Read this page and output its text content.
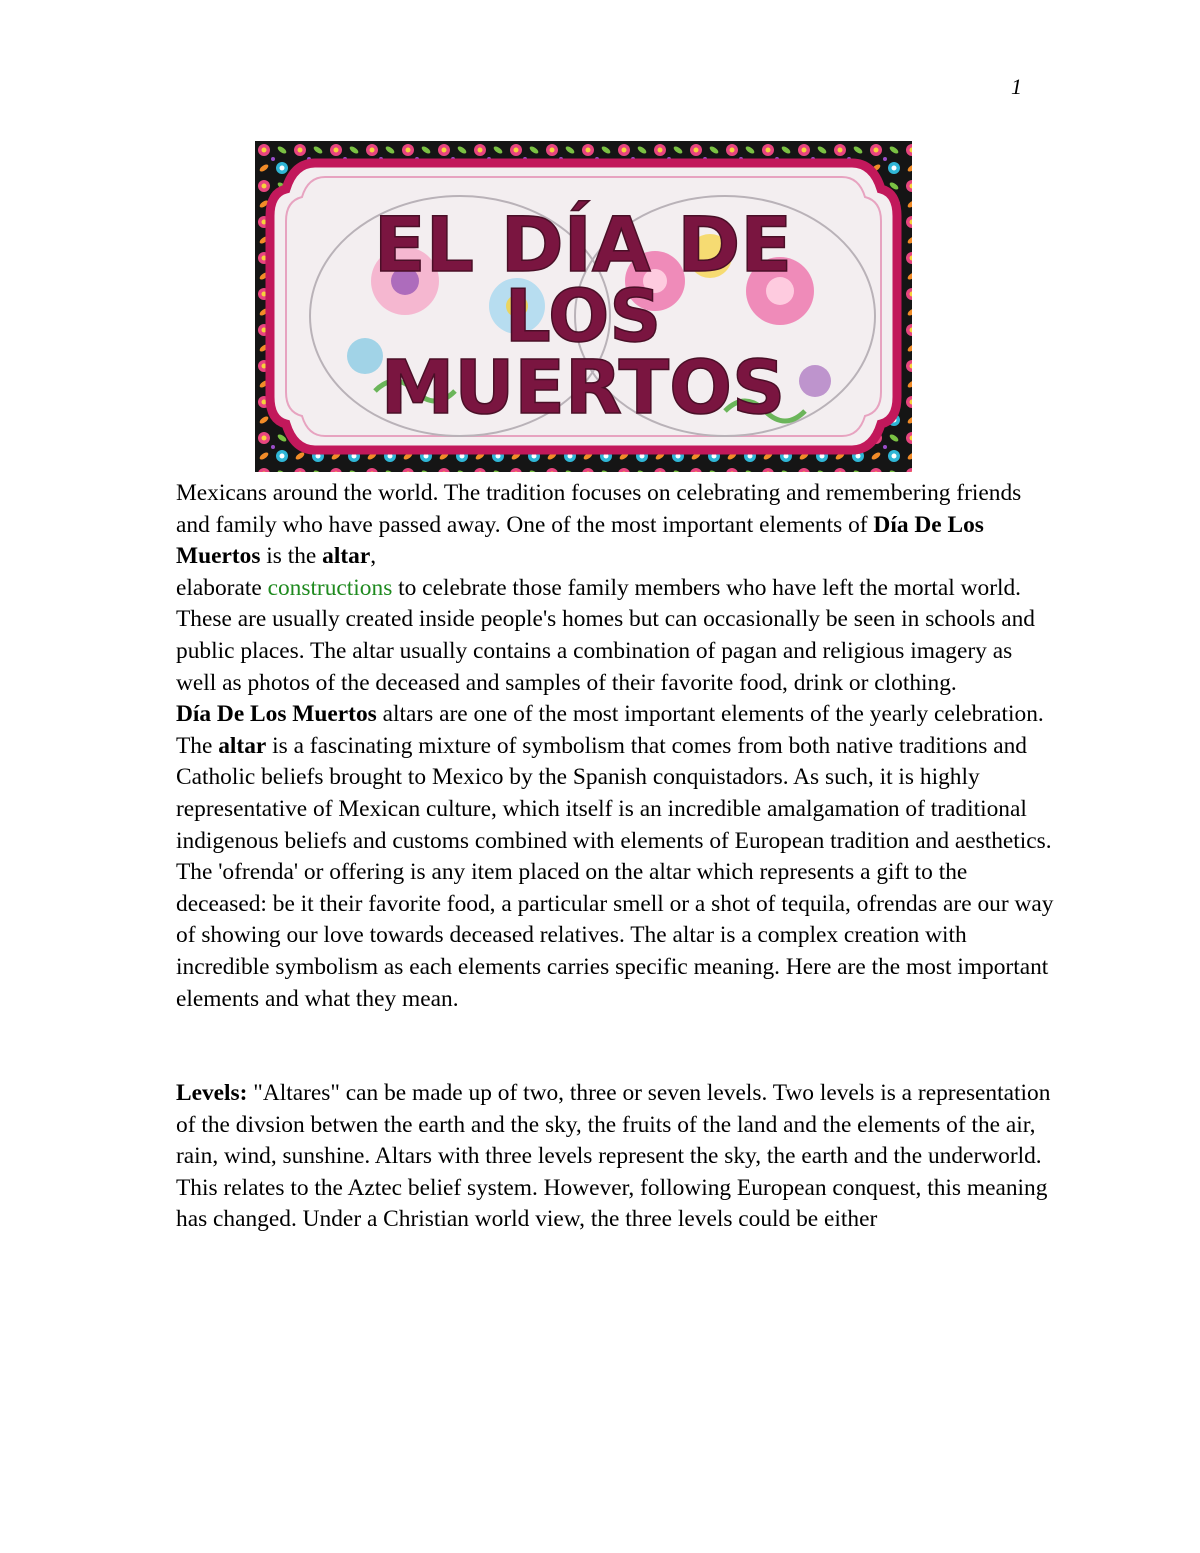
1
EL DÍA DE
LOS
MUERTOS

Mexicans around the world. The tradition focuses on celebrating and remembering friends and family who have passed away. One of the most important elements of Día De Los Muertos is the altar,
elaborate constructions to celebrate those family members who have left the mortal world. These are usually created inside people's homes but can occasionally be seen in schools and public places. The altar usually contains a combination of pagan and religious imagery as well as photos of the deceased and samples of their favorite food, drink or clothing.

Día De Los Muertos altars are one of the most important elements of the yearly celebration.

The altar is a fascinating mixture of symbolism that comes from both native traditions and Catholic beliefs brought to Mexico by the Spanish conquistadors. As such, it is highly representative of Mexican culture, which itself is an incredible amalgamation of traditional indigenous beliefs and customs combined with elements of European tradition and aesthetics. The 'ofrenda' or offering is any item placed on the altar which represents a gift to the deceased: be it their favorite food, a particular smell or a shot of tequila, ofrendas are our way of showing our love towards deceased relatives. The altar is a complex creation with incredible symbolism as each elements carries specific meaning. Here are the most important elements and what they mean.

Levels: "Altares" can be made up of two, three or seven levels. Two levels is a representation of the divsion betwen the earth and the sky, the fruits of the land and the elements of the air, rain, wind, sunshine. Altars with three levels represent the sky, the earth and the underworld. This relates to the Aztec belief system. However, following European conquest, this meaning has changed. Under a Christian world view, the three levels could be either
